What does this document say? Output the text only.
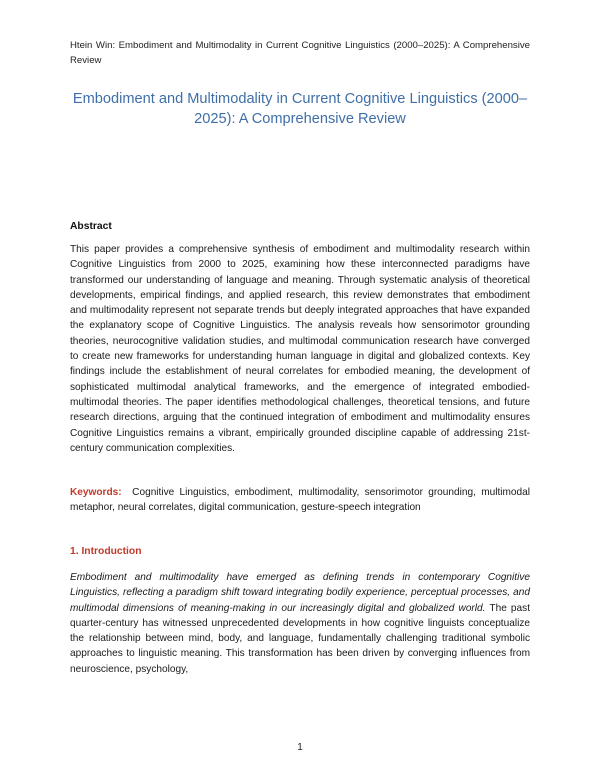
Htein Win: Embodiment and Multimodality in Current Cognitive Linguistics (2000–2025): A Comprehensive Review
Embodiment and Multimodality in Current Cognitive Linguistics (2000–2025): A Comprehensive Review
Abstract
This paper provides a comprehensive synthesis of embodiment and multimodality research within Cognitive Linguistics from 2000 to 2025, examining how these interconnected paradigms have transformed our understanding of language and meaning. Through systematic analysis of theoretical developments, empirical findings, and applied research, this review demonstrates that embodiment and multimodality represent not separate trends but deeply integrated approaches that have expanded the explanatory scope of Cognitive Linguistics. The analysis reveals how sensorimotor grounding theories, neurocognitive validation studies, and multimodal communication research have converged to create new frameworks for understanding human language in digital and globalized contexts. Key findings include the establishment of neural correlates for embodied meaning, the development of sophisticated multimodal analytical frameworks, and the emergence of integrated embodied-multimodal theories. The paper identifies methodological challenges, theoretical tensions, and future research directions, arguing that the continued integration of embodiment and multimodality ensures Cognitive Linguistics remains a vibrant, empirically grounded discipline capable of addressing 21st-century communication complexities.
Keywords: Cognitive Linguistics, embodiment, multimodality, sensorimotor grounding, multimodal metaphor, neural correlates, digital communication, gesture-speech integration
1. Introduction
Embodiment and multimodality have emerged as defining trends in contemporary Cognitive Linguistics, reflecting a paradigm shift toward integrating bodily experience, perceptual processes, and multimodal dimensions of meaning-making in our increasingly digital and globalized world. The past quarter-century has witnessed unprecedented developments in how cognitive linguists conceptualize the relationship between mind, body, and language, fundamentally challenging traditional symbolic approaches to linguistic meaning. This transformation has been driven by converging influences from neuroscience, psychology,
1
